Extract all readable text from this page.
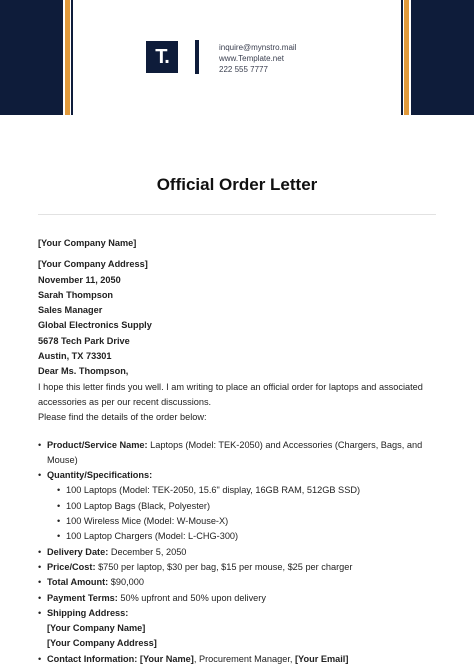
T.	inquire@mynstro.mail
www.Template.net
222 555 7777
Official Order Letter
[Your Company Name]
[Your Company Address]
November 11, 2050
Sarah Thompson
Sales Manager
Global Electronics Supply
5678 Tech Park Drive
Austin, TX 73301
Dear Ms. Thompson,

I hope this letter finds you well. I am writing to place an official order for laptops and associated accessories as per our recent discussions.

Please find the details of the order below:

• Product/Service Name: Laptops (Model: TEK-2050) and Accessories (Chargers, Bags, and Mouse)
• Quantity/Specifications:
• 100 Laptops (Model: TEK-2050, 15.6" display, 16GB RAM, 512GB SSD)
• 100 Laptop Bags (Black, Polyester)
• 100 Wireless Mice (Model: W-Mouse-X)
• 100 Laptop Chargers (Model: L-CHG-300)
• Delivery Date: December 5, 2050
• Price/Cost: $750 per laptop, $30 per bag, $15 per mouse, $25 per charger
• Total Amount: $90,000
• Payment Terms: 50% upfront and 50% upon delivery
• Shipping Address:
[Your Company Name]
[Your Company Address]
• Contact Information: [Your Name], Procurement Manager, [Your Email]
